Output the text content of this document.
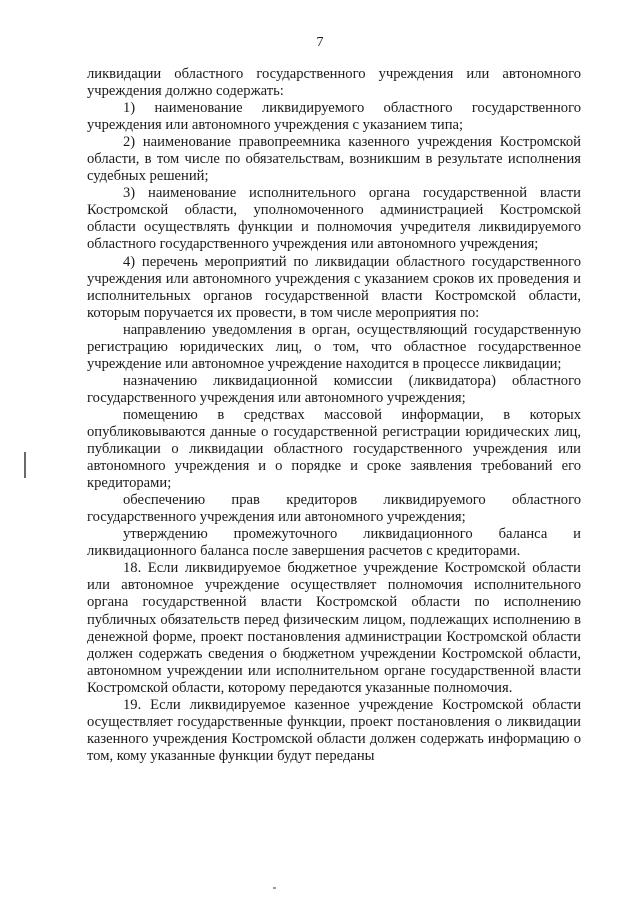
7

ликвидации областного государственного учреждения или автономного учреждения должно содержать:

1) наименование ликвидируемого областного государственного учреждения или автономного учреждения с указанием типа;

2) наименование правопреемника казенного учреждения Костромской области, в том числе по обязательствам, возникшим в результате исполнения судебных решений;

3) наименование исполнительного органа государственной власти Костромской области, уполномоченного администрацией Костромской области осуществлять функции и полномочия учредителя ликвидируемого областного государственного учреждения или автономного учреждения;

4) перечень мероприятий по ликвидации областного государственного учреждения или автономного учреждения с указанием сроков их проведения и исполнительных органов государственной власти Костромской области, которым поручается их провести, в том числе мероприятия по:

направлению уведомления в орган, осуществляющий государственную регистрацию юридических лиц, о том, что областное государственное учреждение или автономное учреждение находится в процессе ликвидации;

назначению ликвидационной комиссии (ликвидатора) областного государственного учреждения или автономного учреждения;

помещению в средствах массовой информации, в которых опубликовываются данные о государственной регистрации юридических лиц, публикации о ликвидации областного государственного учреждения или автономного учреждения и о порядке и сроке заявления требований его кредиторами;

обеспечению прав кредиторов ликвидируемого областного государственного учреждения или автономного учреждения;

утверждению промежуточного ликвидационного баланса и ликвидационного баланса после завершения расчетов с кредиторами.

18. Если ликвидируемое бюджетное учреждение Костромской области или автономное учреждение осуществляет полномочия исполнительного органа государственной власти Костромской области по исполнению публичных обязательств перед физическим лицом, подлежащих исполнению в денежной форме, проект постановления администрации Костромской области должен содержать сведения о бюджетном учреждении Костромской области, автономном учреждении или исполнительном органе государственной власти Костромской области, которому передаются указанные полномочия.

19. Если ликвидируемое казенное учреждение Костромской области осуществляет государственные функции, проект постановления о ликвидации казенного учреждения Костромской области должен содержать информацию о том, кому указанные функции будут переданы
